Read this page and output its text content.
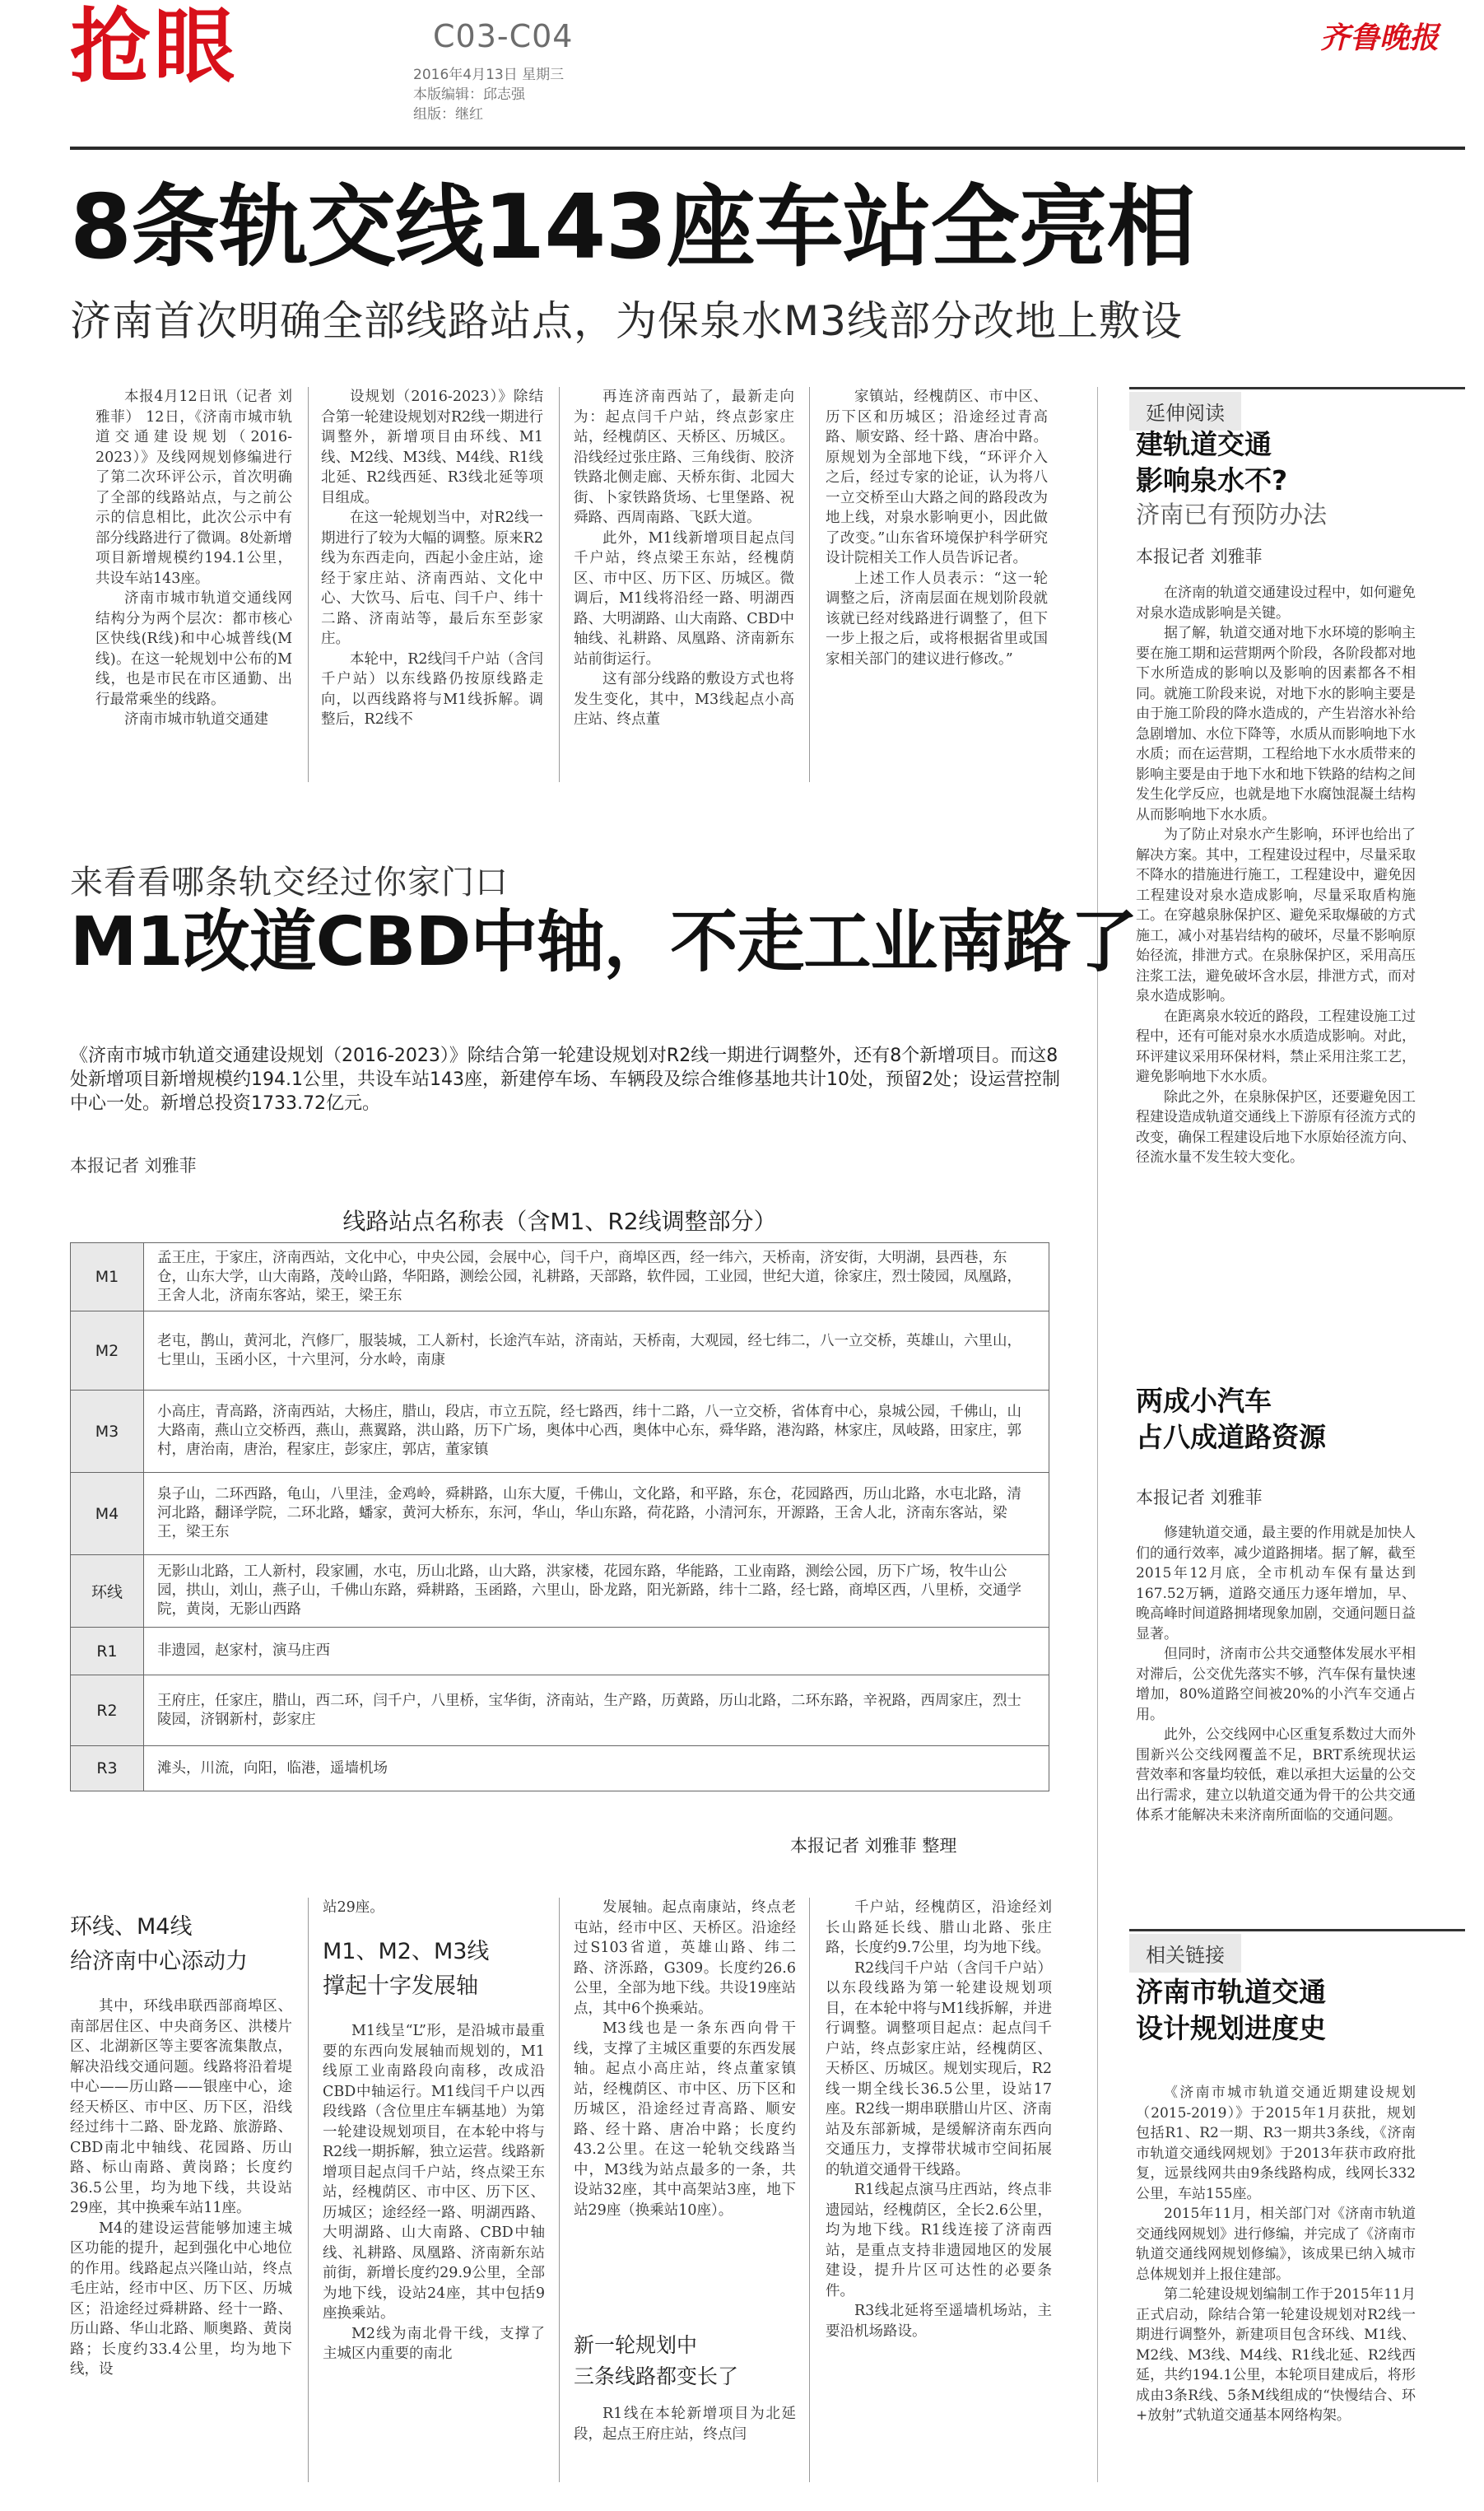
抢眼	C03-C04
2016年4月13日 星期三
本版编辑：邱志强
组版：继红
齐鲁晚报
8条轨交线143座车站全亮相
济南首次明确全部线路站点，为保泉水M3线部分改地上敷设

本报4月12日讯（记者 刘雅菲） 12日，《济南市城市轨道交通建设规划（2016-2023）》及线网规划修编进行了第二次环评公示，首次明确了全部的线路站点，与之前公示的信息相比，此次公示中有部分线路进行了微调。8处新增项目新增规模约194.1公里，共设车站143座。

济南市城市轨道交通线网结构分为两个层次：都市核心区快线(R线)和中心城普线(M线)。在这一轮规划中公布的M线，也是市民在市区通勤、出行最常乘坐的线路。

济南市城市轨道交通建

设规划（2016-2023）》除结合第一轮建设规划对R2线一期进行调整外，新增项目由环线、M1线、M2线、M3线、M4线、R1线北延、R2线西延、R3线北延等项目组成。

在这一轮规划当中，对R2线一期进行了较为大幅的调整。原来R2线为东西走向，西起小金庄站，途经于家庄站、济南西站、文化中心、大饮马、后屯、闫千户、纬十二路、济南站等，最后东至彭家庄。

本轮中，R2线闫千户站（含闫千户站）以东线路仍按原线路走向，以西线路将与M1线拆解。调整后，R2线不

再连济南西站了，最新走向为：起点闫千户站，终点彭家庄站，经槐荫区、天桥区、历城区。沿线经过张庄路、三角线街、胶济铁路北侧走廊、天桥东街、北园大街、卜家铁路货场、七里堡路、祝舜路、西周南路、飞跃大道。

此外，M1线新增项目起点闫千户站，终点梁王东站，经槐荫区、市中区、历下区、历城区。微调后，M1线将沿经一路、明湖西路、大明湖路、山大南路、CBD中轴线、礼耕路、凤凰路、济南新东站前街运行。

这有部分线路的敷设方式也将发生变化，其中，M3线起点小高庄站、终点董

家镇站，经槐荫区、市中区、历下区和历城区；沿途经过青高路、顺安路、经十路、唐冶中路。原规划为全部地下线，“环评介入之后，经过专家的论证，认为将八一立交桥至山大路之间的路段改为地上线，对泉水影响更小，因此做了改变。”山东省环境保护科学研究设计院相关工作人员告诉记者。

上述工作人员表示：“这一轮调整之后，济南层面在规划阶段就该就已经对线路进行调整了，但下一步上报之后，或将根据省里或国家相关部门的建议进行修改。”

延伸阅读
建轨道交通
影响泉水不?
济南已有预防办法
本报记者 刘雅菲

在济南的轨道交通建设过程中，如何避免对泉水造成影响是关键。

据了解，轨道交通对地下水环境的影响主要在施工期和运营期两个阶段，各阶段都对地下水所造成的影响以及影响的因素都各不相同。就施工阶段来说，对地下水的影响主要是由于施工阶段的降水造成的，产生岩溶水补给急剧增加、水位下降等，水质从而影响地下水水质；而在运营期，工程给地下水水质带来的影响主要是由于地下水和地下铁路的结构之间发生化学反应，也就是地下水腐蚀混凝土结构从而影响地下水水质。

为了防止对泉水产生影响，环评也给出了解决方案。其中，工程建设过程中，尽量采取不降水的措施进行施工，工程建设中，避免因工程建设对泉水造成影响，尽量采取盾构施工。在穿越泉脉保护区、避免采取爆破的方式施工，减小对基岩结构的破坏，尽量不影响原始径流，排泄方式。在泉脉保护区，采用高压注浆工法，避免破坏含水层，排泄方式，而对泉水造成影响。

在距离泉水较近的路段，工程建设施工过程中，还有可能对泉水水质造成影响。对此，环评建议采用环保材料，禁止采用注浆工艺，避免影响地下水水质。

除此之外，在泉脉保护区，还要避免因工程建设造成轨道交通线上下游原有径流方式的改变，确保工程建设后地下水原始径流方向、径流水量不发生较大变化。

两成小汽车
占八成道路资源
本报记者 刘雅菲

修建轨道交通，最主要的作用就是加快人们的通行效率，减少道路拥堵。据了解，截至2015年12月底，全市机动车保有量达到167.52万辆，道路交通压力逐年增加，早、晚高峰时间道路拥堵现象加剧，交通问题日益显著。

但同时，济南市公共交通整体发展水平相对滞后，公交优先落实不够，汽车保有量快速增加，80%道路空间被20%的小汽车交通占用。

此外，公交线网中心区重复系数过大而外围新兴公交线网覆盖不足，BRT系统现状运营效率和客量均较低，难以承担大运量的公交出行需求，建立以轨道交通为骨干的公共交通体系才能解决未来济南所面临的交通问题。

相关链接
济南市轨道交通
设计规划进度史

《济南市城市轨道交通近期建设规划（2015-2019）》于2015年1月获批，规划包括R1、R2一期、R3一期共3条线，《济南市轨道交通线网规划》于2013年获市政府批复，远景线网共由9条线路构成，线网长332公里，车站155座。

2015年11月，相关部门对《济南市轨道交通线网规划》进行修编，并完成了《济南市轨道交通线网规划修编》，该成果已纳入城市总体规划并上报住建部。

第二轮建设规划编制工作于2015年11月正式启动，除结合第一轮建设规划对R2线一期进行调整外，新建项目包含环线、M1线、M2线、M3线、M4线、R1线北延、R2线西延，共约194.1公里，本轮项目建成后，将形成由3条R线、5条M线组成的“快慢结合、环+放射”式轨道交通基本网络构架。

来看看哪条轨交经过你家门口
M1改道CBD中轴，不走工业南路了
《济南市城市轨道交通建设规划（2016-2023）》除结合第一轮建设规划对R2线一期进行调整外，还有8个新增项目。而这8处新增项目新增规模约194.1公里，共设车站143座，新建停车场、车辆段及综合维修基地共计10处，预留2处；设运营控制中心一处。新增总投资1733.72亿元。
本报记者 刘雅菲
线路站点名称表（含M1、R2线调整部分）
M1	孟王庄，于家庄，济南西站，文化中心，中央公园，会展中心，闫千户，商埠区西，经一纬六，天桥南，济安街，大明湖，县西巷，东仓，山东大学，山大南路，茂岭山路，华阳路，测绘公园，礼耕路，天部路，软件园，工业园，世纪大道，徐家庄，烈士陵园，凤凰路，王舍人北，济南东客站，梁王，梁王东
M2	老屯，鹊山，黄河北，汽修厂，服装城，工人新村，长途汽车站，济南站，天桥南，大观园，经七纬二，八一立交桥，英雄山，六里山，七里山，玉函小区，十六里河，分水岭，南康
M3	小高庄，青高路，济南西站，大杨庄，腊山，段店，市立五院，经七路西，纬十二路，八一立交桥，省体育中心，泉城公园，千佛山，山大路南，燕山立交桥西，燕山，燕翼路，洪山路，历下广场，奥体中心西，奥体中心东，舜华路，港沟路，林家庄，凤岐路，田家庄，郭村，唐治南，唐治，程家庄，彭家庄，郭店，董家镇
M4	泉子山，二环西路，龟山，八里洼，金鸡岭，舜耕路，山东大厦，千佛山，文化路，和平路，东仓，花园路西，历山北路，水屯北路，清河北路，翻译学院，二环北路，蟠家，黄河大桥东，东河，华山，华山东路，荷花路，小清河东，开源路，王舍人北，济南东客站，梁王，梁王东
环线	无影山北路，工人新村，段家圃，水屯，历山北路，山大路，洪家楼，花园东路，华能路，工业南路，测绘公园，历下广场，牧牛山公园，拱山，刘山，燕子山，千佛山东路，舜耕路，玉函路，六里山，卧龙路，阳光新路，纬十二路，经七路，商埠区西，八里桥，交通学院，黄岗，无影山西路
R1	非遗园，赵家村，演马庄西
R2	王府庄，任家庄，腊山，西二环，闫千户，八里桥，宝华街，济南站，生产路，历黄路，历山北路，二环东路，辛祝路，西周家庄，烈士陵园，济钢新村，彭家庄
R3	滩头，川流，向阳，临港，遥墙机场
本报记者 刘雅菲 整理
环线、M4线
给济南中心添动力

其中，环线串联西部商埠区、南部居住区、中央商务区、洪楼片区、北湖新区等主要客流集散点，解决沿线交通问题。线路将沿着堤中心——历山路——银座中心，途经天桥区、市中区、历下区，沿线经过纬十二路、卧龙路、旅游路、CBD南北中轴线、花园路、历山路、标山南路、黄岗路；长度约36.5公里，均为地下线，共设站29座，其中换乘车站11座。

M4的建设运营能够加速主城区功能的提升，起到强化中心地位的作用。线路起点兴隆山站，终点毛庄站，经市中区、历下区、历城区；沿途经过舜耕路、经十一路、历山路、华山北路、顺奥路、黄岗路；长度约33.4公里，均为地下线，设

站29座。
M1、M2、M3线
撑起十字发展轴

M1线呈“L”形，是沿城市最重要的东西向发展轴而规划的，M1线原工业南路段向南移，改成沿CBD中轴运行。M1线闫千户以西段线路（含位里庄车辆基地）为第一轮建设规划项目，在本轮中将与R2线一期拆解，独立运营。线路新增项目起点闫千户站，终点梁王东站，经槐荫区、市中区、历下区、历城区；途经经一路、明湖西路、大明湖路、山大南路、CBD中轴线、礼耕路、凤凰路、济南新东站前街，新增长度约29.9公里，全部为地下线，设站24座，其中包括9座换乘站。

M2线为南北骨干线，支撑了主城区内重要的南北

发展轴。起点南康站，终点老屯站，经市中区、天桥区。沿途经过S103省道，英雄山路、纬二路、济泺路，G309。长度约26.6公里，全部为地下线。共设19座站点，其中6个换乘站。

M3线也是一条东西向骨干线，支撑了主城区重要的东西发展轴。起点小高庄站，终点董家镇站，经槐荫区、市中区、历下区和历城区，沿途经过青高路、顺安路、经十路、唐冶中路；长度约43.2公里。在这一轮轨交线路当中，M3线为站点最多的一条，共设站32座，其中高架站3座，地下站29座（换乘站10座）。

新一轮规划中
三条线路都变长了

R1线在本轮新增项目为北延段，起点王府庄站，终点闫

千户站，经槐荫区，沿途经刘长山路延长线、腊山北路、张庄路，长度约9.7公里，均为地下线。

R2线闫千户站（含闫千户站）以东段线路为第一轮建设规划项目，在本轮中将与M1线拆解，并进行调整。调整项目起点：起点闫千户站，终点彭家庄站，经槐荫区、天桥区、历城区。规划实现后，R2线一期全线长36.5公里，设站17座。R2线一期串联腊山片区、济南站及东部新城，是缓解济南东西向交通压力，支撑带状城市空间拓展的轨道交通骨干线路。

R1线起点演马庄西站，终点非遗园站，经槐荫区，全长2.6公里，均为地下线。R1线连接了济南西站，是重点支持非遗园地区的发展建设，提升片区可达性的必要条件。

R3线北延将至遥墙机场站，主要沿机场路设。
